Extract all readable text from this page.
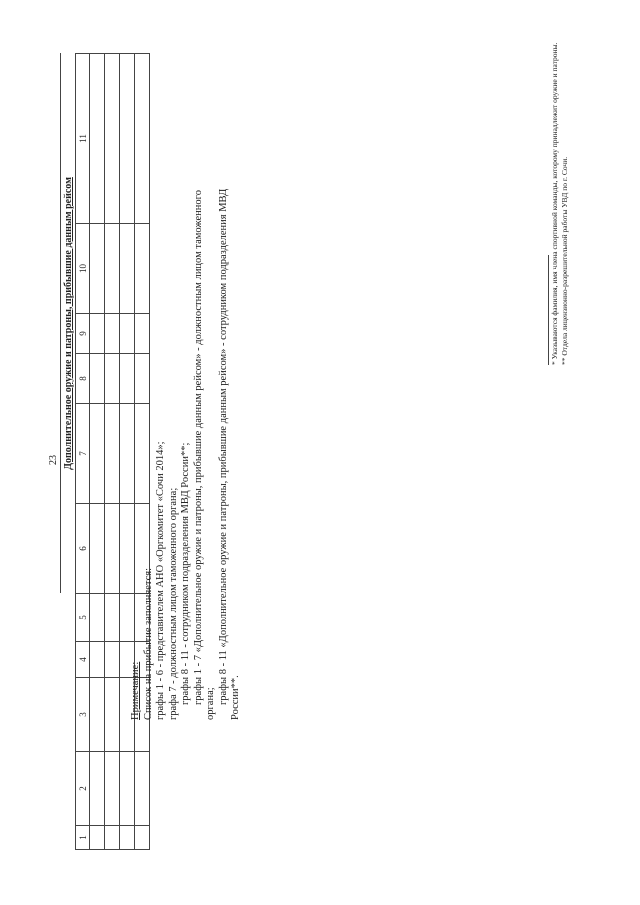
23
					Дополнительное оружие и патроны, прибывшие данным рейсом					
1	2	3	4	5	6	7	8	9	10	11

Примечание: Список на прибытие заполняется: графы 1 - 6 - представителем АНО «Оргкомитет «Сочи 2014»; графа 7 - должностным лицом таможенного органа; графы 8 - 11 - сотрудником подразделения МВД России**; графы 1 - 7 «Дополнительное оружие и патроны, прибывшие данным рейсом» - должностным лицом таможенного органа; графы 8 - 11 «Дополнительное оружие и патроны, прибывшие данным рейсом» - сотрудником подразделения МВД России**.

* Указываются фамилия, имя члена спортивной команды, которому принадлежит оружие и патроны. ** Отдела лицензионно-разрешительной работы УВД по г. Сочи.
